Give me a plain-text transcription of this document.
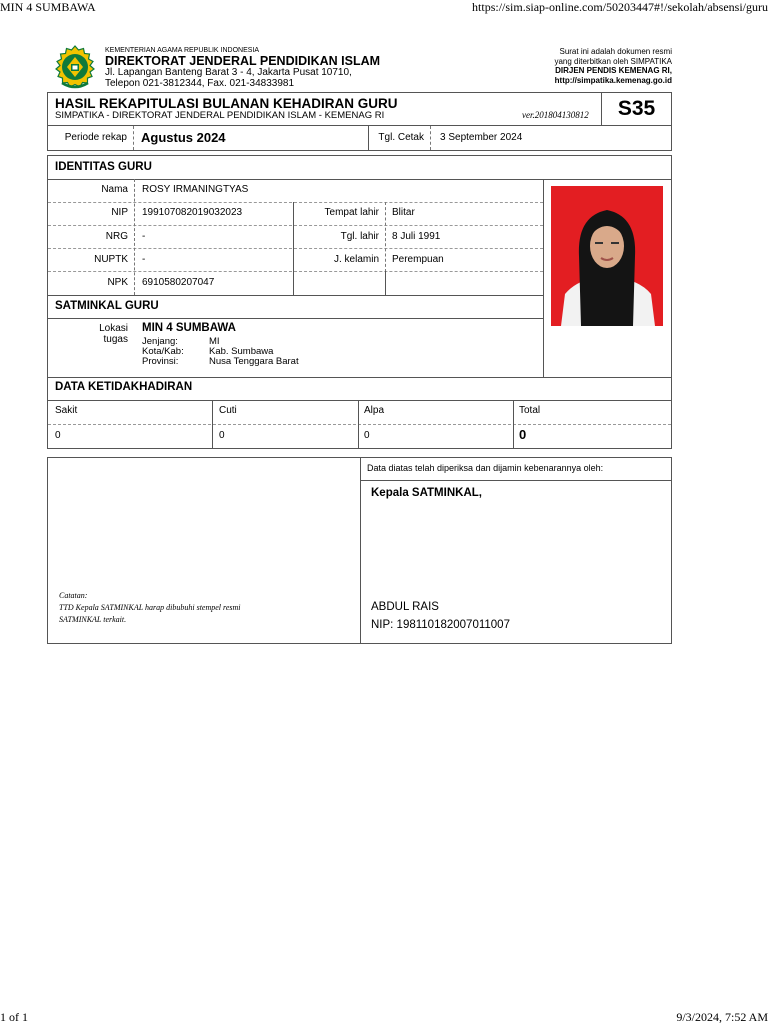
MIN 4 SUMBAWA	https://sim.siap-online.com/50203447#!/sekolah/absensi/guru
KEMENTERIAN AGAMA REPUBLIK INDONESIA
DIREKTORAT JENDERAL PENDIDIKAN ISLAM
Jl. Lapangan Banteng Barat 3 - 4, Jakarta Pusat 10710,
Telepon 021-3812344, Fax. 021-34833981
Surat ini adalah dokumen resmi
yang diterbitkan oleh SIMPATIKA
DIRJEN PENDIS KEMENAG RI,
http://simpatika.kemenag.go.id
HASIL REKAPITULASI BULANAN KEHADIRAN GURU
SIMPATIKA - DIREKTORAT JENDERAL PENDIDIKAN ISLAM - KEMENAG RI	ver.201804130812	S35
Periode rekap	Agustus 2024	Tgl. Cetak	3 September 2024
IDENTITAS GURU
Nama	ROSY IRMANINGTYAS
NIP	199107082019032023	Tempat lahir	Blitar
NRG	-	Tgl. lahir	8 Juli 1991
NUPTK	-	J. kelamin	Perempuan
NPK	6910580207047
SATMINKAL GURU
Lokasi
tugas
MIN 4 SUMBAWA
Jenjang:	MI
Kota/Kab:	Kab. Sumbawa
Provinsi:	Nusa Tenggara Barat
DATA KETIDAKHADIRAN
Sakit	Cuti	Alpa	Total
0	0	0	0
Catatan:
TTD Kepala SATMINKAL harap dibubuhi stempel resmi
SATMINKAL terkait.
Data diatas telah diperiksa dan dijamin kebenarannya oleh:
Kepala SATMINKAL,
ABDUL RAIS
NIP: 198110182007011007
1 of 1	9/3/2024, 7:52 AM
